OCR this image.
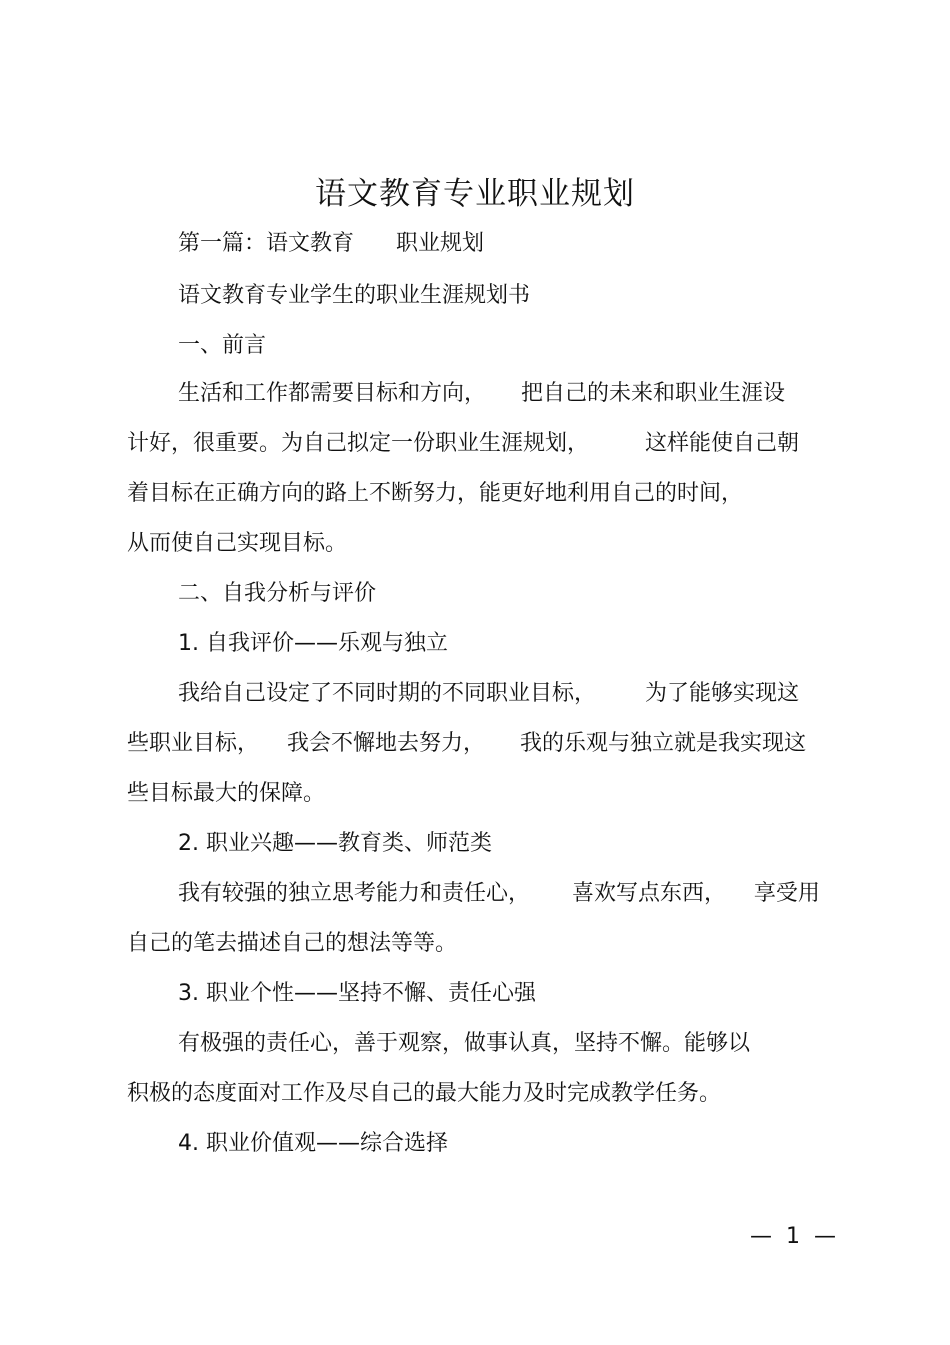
语文教育专业职业规划
第一篇：语文教育      职业规划
语文教育专业学生的职业生涯规划书
一、前言
生活和工作都需要目标和方向，     把自己的未来和职业生涯设
计好，很重要。为自己拟定一份职业生涯规划，        这样能使自己朝
着目标在正确方向的路上不断努力，能更好地利用自己的时间，
从而使自己实现目标。
二、自我分析与评价
1. 自我评价——乐观与独立
我给自己设定了不同时期的不同职业目标，       为了能够实现这
些职业目标，    我会不懈地去努力，     我的乐观与独立就是我实现这
些目标最大的保障。
2. 职业兴趣——教育类、师范类
我有较强的独立思考能力和责任心，      喜欢写点东西，    享受用
自己的笔去描述自己的想法等等。
3. 职业个性——坚持不懈、责任心强
有极强的责任心，善于观察，做事认真，坚持不懈。能够以
积极的态度面对工作及尽自己的最大能力及时完成教学任务。
4. 职业价值观——综合选择
—  1  —
